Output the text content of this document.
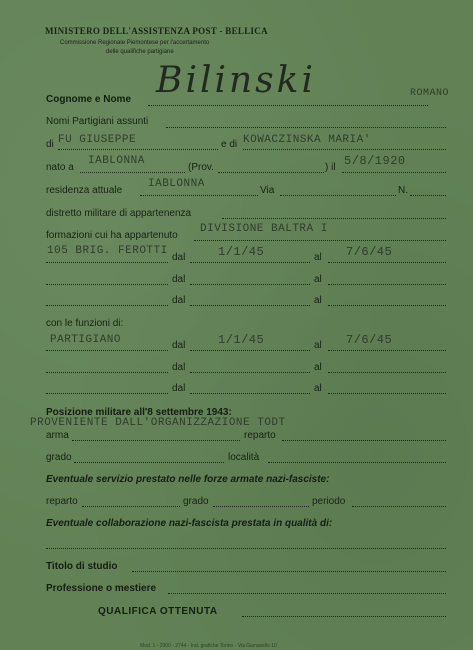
MINISTERO DELL'ASSISTENZA POST - BELLICA
Commissione Regionale Piemontese per l'accertamento
delle qualifiche partigiane
Bilinski	ROMANO
Cognome e Nome
Nomi Partigiani assunti
di FU GIUSEPPE	e di KOWACZINSKA MARIA'
nato a
IABLONNA
(Prov.	) il 5/8/1920
residenza attuale
IABLONNA
Via	N.
distretto militare di appartenenza
formazioni cui ha appartenuto
DIVISIONE BALTRA I
105 BRIG. FEROTTI
dal	1/1/45	al 7/6/45
dal	al
dal	al
con le funzioni di:
PARTIGIANO	dal	1/1/45	al 7/6/45
dal	al
dal	al
Posizione militare all'8 settembre 1943:
PROVENIENTE DALL'ORGANIZZAZIONE TODT
arma	reparto
grado	località
Eventuale servizio prestato nelle forze armate nazi-fasciste:
reparto	grado	periodo
Eventuale collaborazione nazi-fascista prestata in qualità di:
Titolo di studio
Professione o mestiere
QUALIFICA OTTENUTA
Mod. 1 - 2000 - 2744 - Ind. grafiche Torino - Via Gianavello 10
